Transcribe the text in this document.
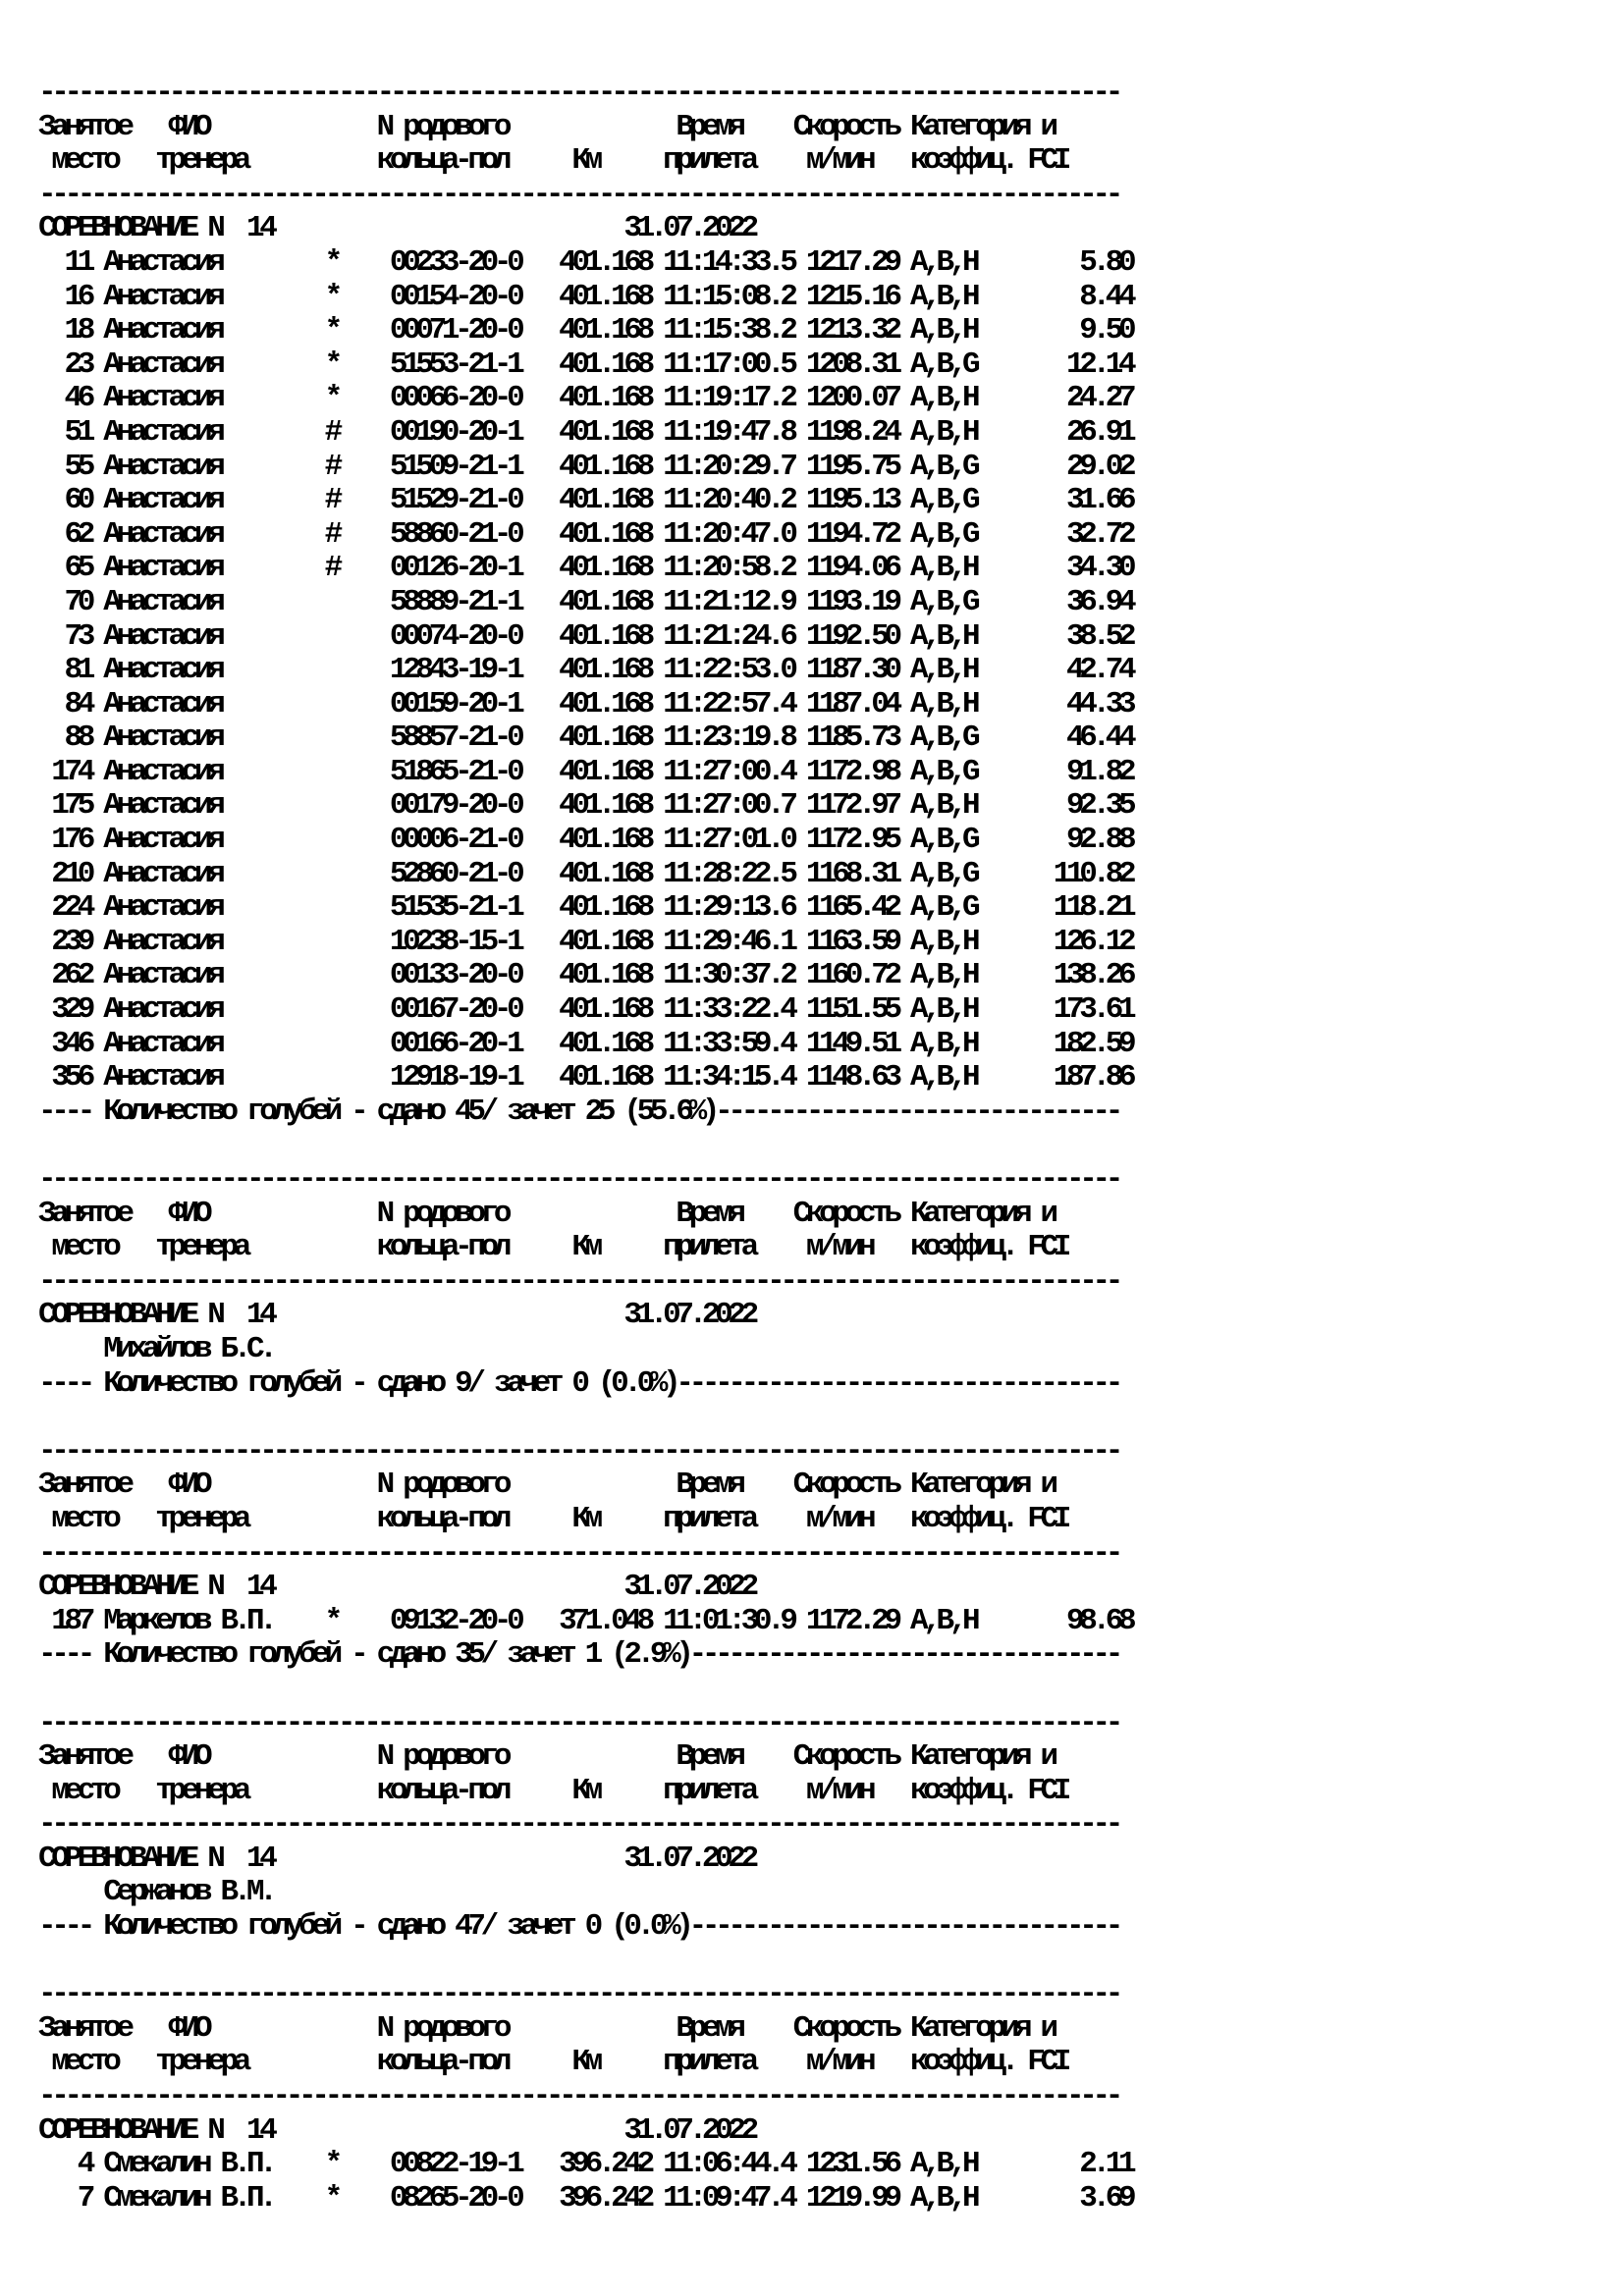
-----------------------------------------------------------------------------------
Занятое   ФИО             N родового             Время    Скорость Категория и
место   тренера          кольца-пол     Км     прилета    м/мин   коэффиц. FCI
-----------------------------------------------------------------------------------
СОРЕВНОВАНИЕ N  14                           31.07.2022
11 Анастасия        *    00233-20-0   401.168 11:14:33.5 1217.29 A,B,H        5.80
16 Анастасия        *    00154-20-0   401.168 11:15:08.2 1215.16 A,B,H        8.44
18 Анастасия        *    00071-20-0   401.168 11:15:38.2 1213.32 A,B,H        9.50
23 Анастасия        *    51553-21-1   401.168 11:17:00.5 1208.31 A,B,G       12.14
46 Анастасия        *    00066-20-0   401.168 11:19:17.2 1200.07 A,B,H       24.27
51 Анастасия        #    00190-20-1   401.168 11:19:47.8 1198.24 A,B,H       26.91
55 Анастасия        #    51509-21-1   401.168 11:20:29.7 1195.75 A,B,G       29.02
60 Анастасия        #    51529-21-0   401.168 11:20:40.2 1195.13 A,B,G       31.66
62 Анастасия        #    58860-21-0   401.168 11:20:47.0 1194.72 A,B,G       32.72
65 Анастасия        #    00126-20-1   401.168 11:20:58.2 1194.06 A,B,H       34.30
70 Анастасия             58889-21-1   401.168 11:21:12.9 1193.19 A,B,G       36.94
73 Анастасия             00074-20-0   401.168 11:21:24.6 1192.50 A,B,H       38.52
81 Анастасия             12843-19-1   401.168 11:22:53.0 1187.30 A,B,H       42.74
84 Анастасия             00159-20-1   401.168 11:22:57.4 1187.04 A,B,H       44.33
88 Анастасия             58857-21-0   401.168 11:23:19.8 1185.73 A,B,G       46.44
174 Анастасия             51865-21-0   401.168 11:27:00.4 1172.98 A,B,G       91.82
175 Анастасия             00179-20-0   401.168 11:27:00.7 1172.97 A,B,H       92.35
176 Анастасия             00006-21-0   401.168 11:27:01.0 1172.95 A,B,G       92.88
210 Анастасия             52860-21-0   401.168 11:28:22.5 1168.31 A,B,G      110.82
224 Анастасия             51535-21-1   401.168 11:29:13.6 1165.42 A,B,G      118.21
239 Анастасия             10238-15-1   401.168 11:29:46.1 1163.59 A,B,H      126.12
262 Анастасия             00133-20-0   401.168 11:30:37.2 1160.72 A,B,H      138.26
329 Анастасия             00167-20-0   401.168 11:33:22.4 1151.55 A,B,H      173.61
346 Анастасия             00166-20-1   401.168 11:33:59.4 1149.51 A,B,H      182.59
356 Анастасия             12918-19-1   401.168 11:34:15.4 1148.63 A,B,H      187.86
---- Количество голубей - сдано 45/ зачет 25 (55.6%)-------------------------------
-----------------------------------------------------------------------------------
Занятое   ФИО             N родового             Время    Скорость Категория и
место   тренера          кольца-пол     Км     прилета    м/мин   коэффиц. FCI
-----------------------------------------------------------------------------------
СОРЕВНОВАНИЕ N  14                           31.07.2022
Михайлов Б.С.
---- Количество голубей - сдано 9/ зачет 0 (0.0%)----------------------------------
-----------------------------------------------------------------------------------
Занятое   ФИО             N родового             Время    Скорость Категория и
место   тренера          кольца-пол     Км     прилета    м/мин   коэффиц. FCI
-----------------------------------------------------------------------------------
СОРЕВНОВАНИЕ N  14                           31.07.2022
187 Маркелов В.П.    *    09132-20-0   371.048 11:01:30.9 1172.29 A,B,H       98.68
---- Количество голубей - сдано 35/ зачет 1 (2.9%)---------------------------------
-----------------------------------------------------------------------------------
Занятое   ФИО             N родового             Время    Скорость Категория и
место   тренера          кольца-пол     Км     прилета    м/мин   коэффиц. FCI
-----------------------------------------------------------------------------------
СОРЕВНОВАНИЕ N  14                           31.07.2022
Сержанов В.М.
---- Количество голубей - сдано 47/ зачет 0 (0.0%)---------------------------------
-----------------------------------------------------------------------------------
Занятое   ФИО             N родового             Время    Скорость Категория и
место   тренера          кольца-пол     Км     прилета    м/мин   коэффиц. FCI
-----------------------------------------------------------------------------------
СОРЕВНОВАНИЕ N  14                           31.07.2022
4 Смекалин В.П.    *    00822-19-1   396.242 11:06:44.4 1231.56 A,B,H        2.11
7 Смекалин В.П.    *    08265-20-0   396.242 11:09:47.4 1219.99 A,B,H        3.69
